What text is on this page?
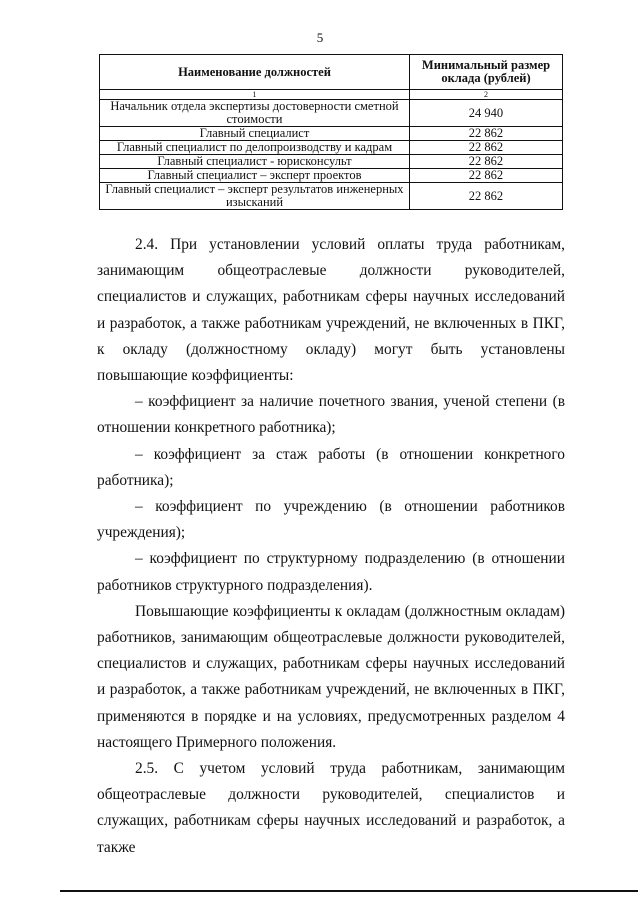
5
Наименование должностей	Минимальный размер оклада (рублей)
1	2
Начальник отдела экспертизы достоверности сметной стоимости	24 940
Главный специалист	22 862
Главный специалист по делопроизводству и кадрам	22 862
Главный специалист - юрисконсульт	22 862
Главный специалист – эксперт проектов	22 862
Главный специалист – эксперт результатов инженерных изысканий	22 862

2.4. При установлении условий оплаты труда работникам, занимающим общеотраслевые должности руководителей, специалистов и служащих, работникам сферы научных исследований и разработок, а также работникам учреждений, не включенных в ПКГ, к окладу (должностному окладу) могут быть установлены повышающие коэффициенты:

– коэффициент за наличие почетного звания, ученой степени (в отношении конкретного работника);

– коэффициент за стаж работы (в отношении конкретного работника);

– коэффициент по учреждению (в отношении работников учреждения);

– коэффициент по структурному подразделению (в отношении работников структурного подразделения).

Повышающие коэффициенты к окладам (должностным окладам) работников, занимающим общеотраслевые должности руководителей, специалистов и служащих, работникам сферы научных исследований и разработок, а также работникам учреждений, не включенных в ПКГ, применяются в порядке и на условиях, предусмотренных разделом 4 настоящего Примерного положения.

2.5. С учетом условий труда работникам, занимающим общеотраслевые должности руководителей, специалистов и служащих, работникам сферы научных исследований и разработок, а также
